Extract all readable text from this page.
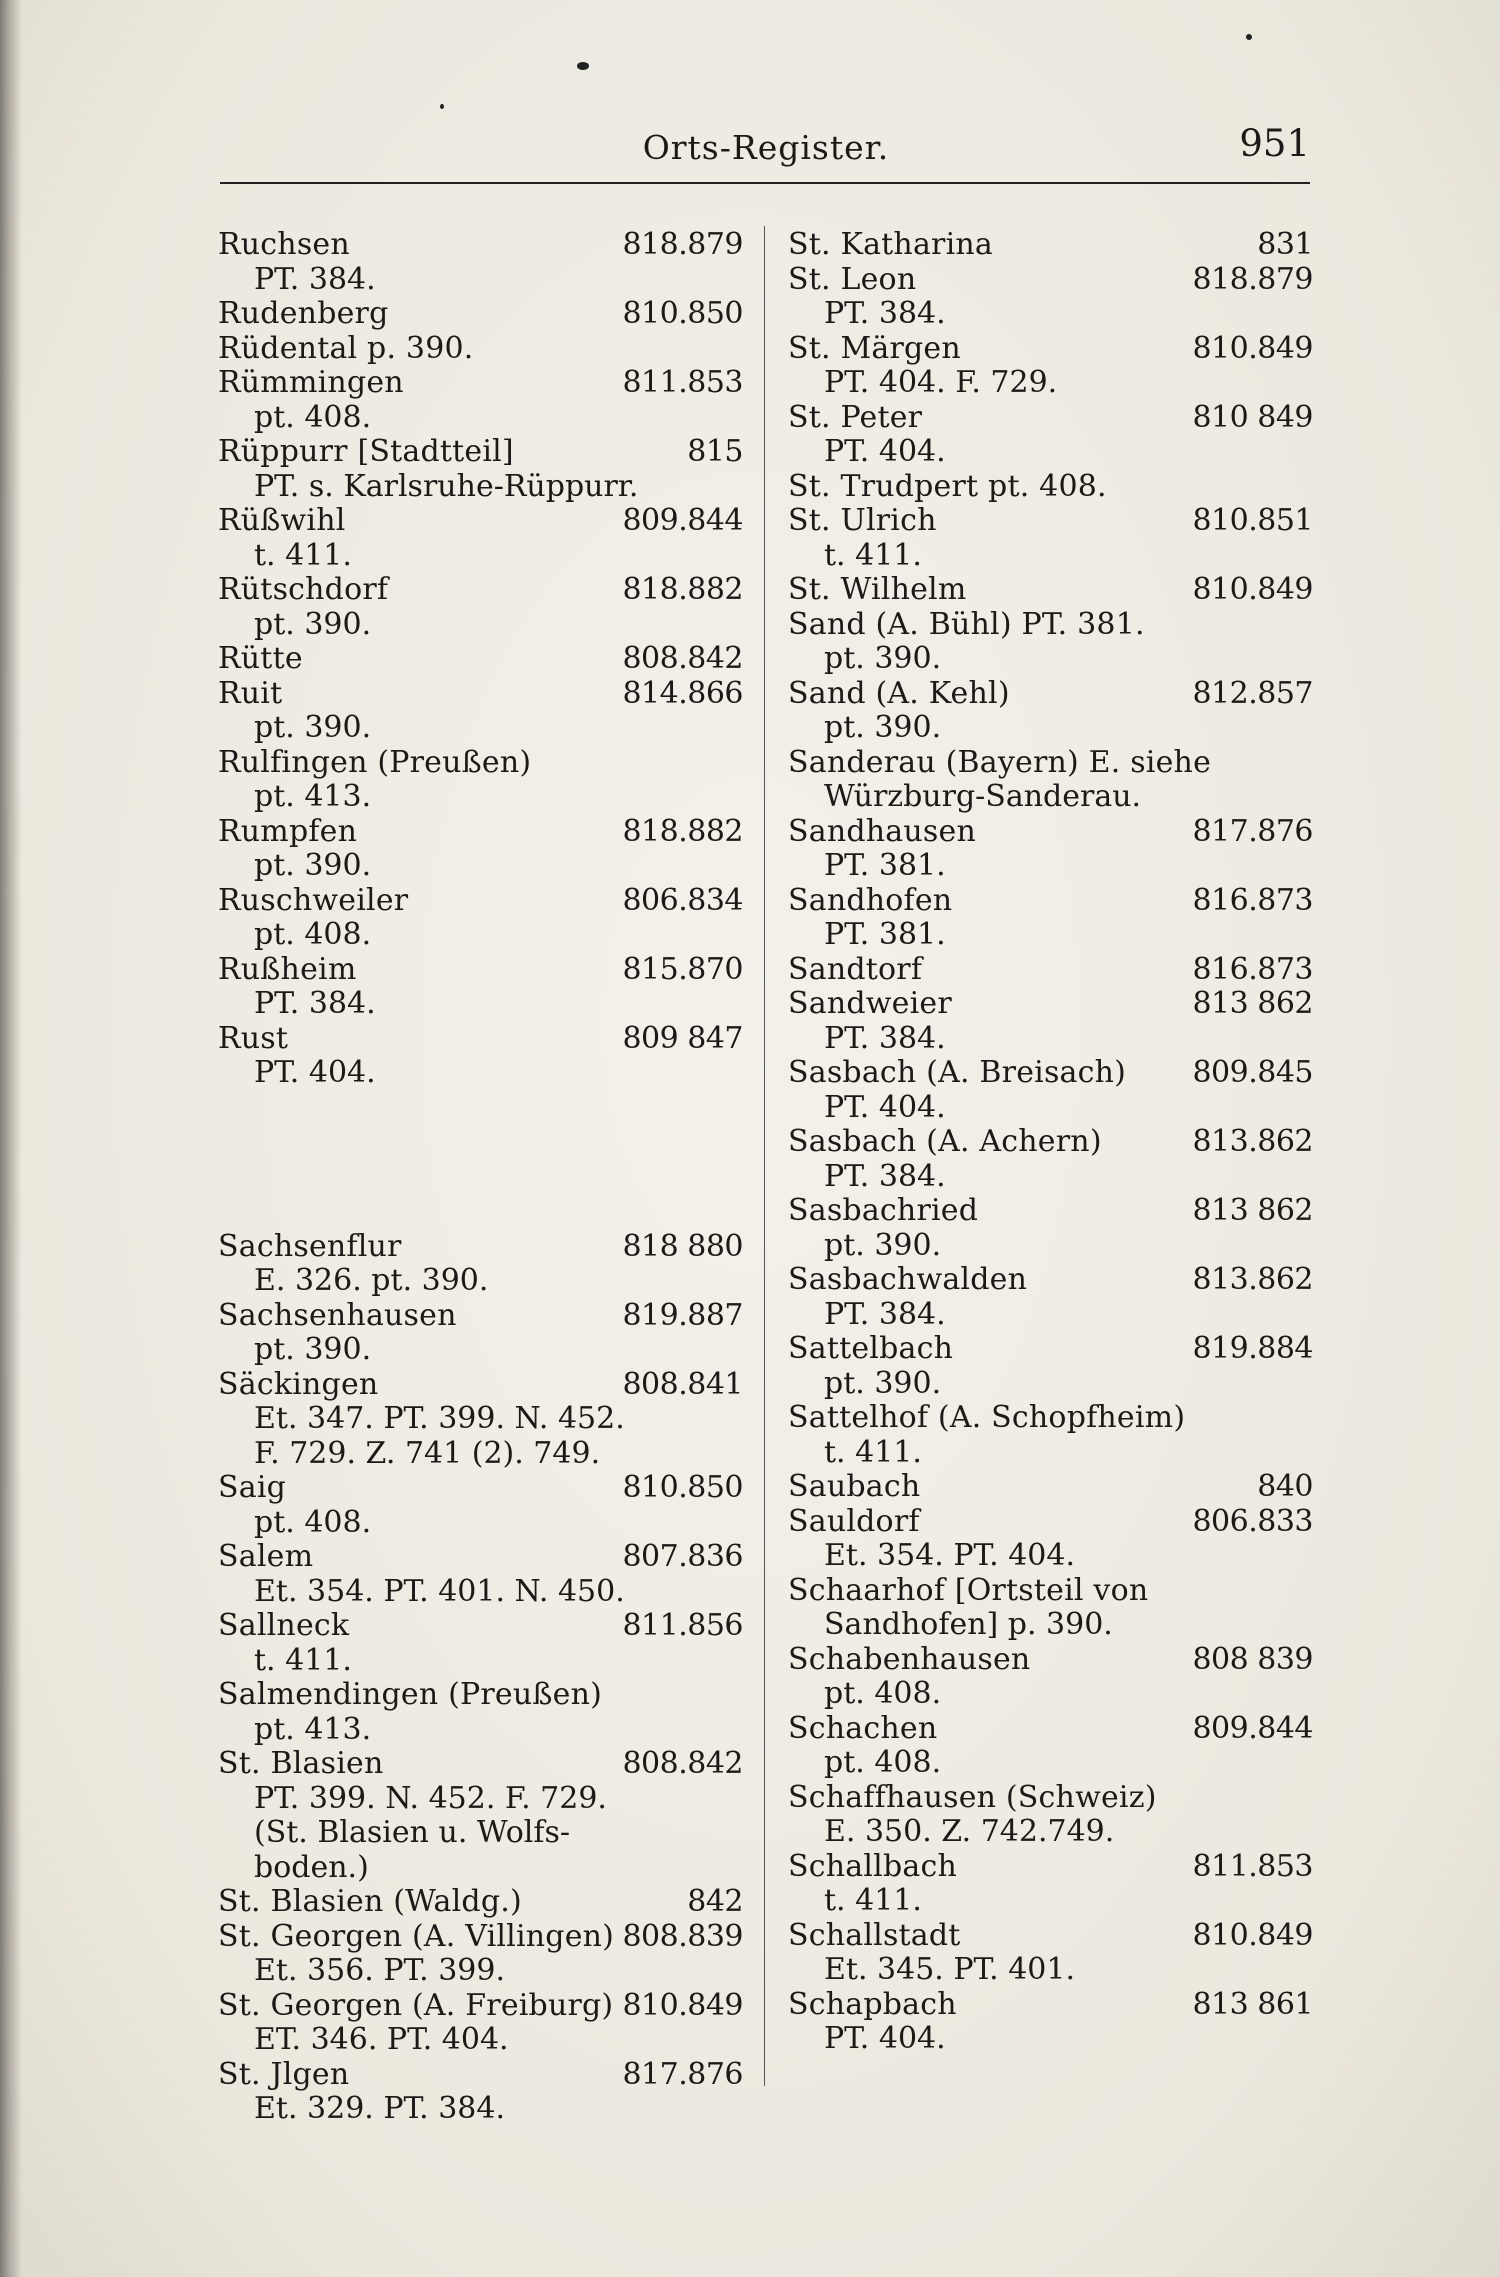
Orts-Register.	951
Ruchsen	818.879
PT. 384.
Rudenberg	810.850
Rüdental p. 390.
Rümmingen	811.853
pt. 408.
Rüppurr [Stadtteil]	815
PT. s. Karlsruhe-Rüppurr.
Rüßwihl	809.844
t. 411.
Rütschdorf	818.882
pt. 390.
Rütte	808.842
Ruit	814.866
pt. 390.
Rulfingen (Preußen)
pt. 413.
Rumpfen	818.882
pt. 390.
Ruschweiler	806.834
pt. 408.
Rußheim	815.870
PT. 384.
Rust	809 847
PT. 404.
Sachsenflur	818 880
E. 326. pt. 390.
Sachsenhausen	819.887
pt. 390.
Säckingen	808.841
Et. 347. PT. 399. N. 452.
F. 729. Z. 741 (2). 749.
Saig	810.850
pt. 408.
Salem	807.836
Et. 354. PT. 401. N. 450.
Sallneck	811.856
t. 411.
Salmendingen (Preußen)
pt. 413.
St. Blasien	808.842
PT. 399. N. 452. F. 729.
(St. Blasien u. Wolfs-
boden.)
St. Blasien (Waldg.)	842
St. Georgen (A. Villingen) 808.839
Et. 356. PT. 399.
St. Georgen (A. Freiburg) 810.849
ET. 346. PT. 404.
St. Jlgen	817.876
Et. 329. PT. 384.
St. Katharina	831
St. Leon	818.879
PT. 384.
St. Märgen	810.849
PT. 404. F. 729.
St. Peter	810 849
PT. 404.
St. Trudpert pt. 408.
St. Ulrich	810.851
t. 411.
St. Wilhelm	810.849
Sand (A. Bühl) PT. 381.
pt. 390.
Sand (A. Kehl)	812.857
pt. 390.
Sanderau (Bayern) E. siehe
Würzburg-Sanderau.
Sandhausen	817.876
PT. 381.
Sandhofen	816.873
PT. 381.
Sandtorf	816.873
Sandweier	813 862
PT. 384.
Sasbach (A. Breisach) 809.845
PT. 404.
Sasbach (A. Achern)	813.862
PT. 384.
Sasbachried	813 862
pt. 390.
Sasbachwalden	813.862
PT. 384.
Sattelbach	819.884
pt. 390.
Sattelhof (A. Schopfheim)
t. 411.
Saubach	840
Sauldorf	806.833
Et. 354. PT. 404.
Schaarhof [Ortsteil von
Sandhofen] p. 390.
Schabenhausen	808 839
pt. 408.
Schachen	809.844
pt. 408.
Schaffhausen (Schweiz)
E. 350. Z. 742.749.
Schallbach	811.853
t. 411.
Schallstadt	810.849
Et. 345. PT. 401.
Schapbach	813 861
PT. 404.
